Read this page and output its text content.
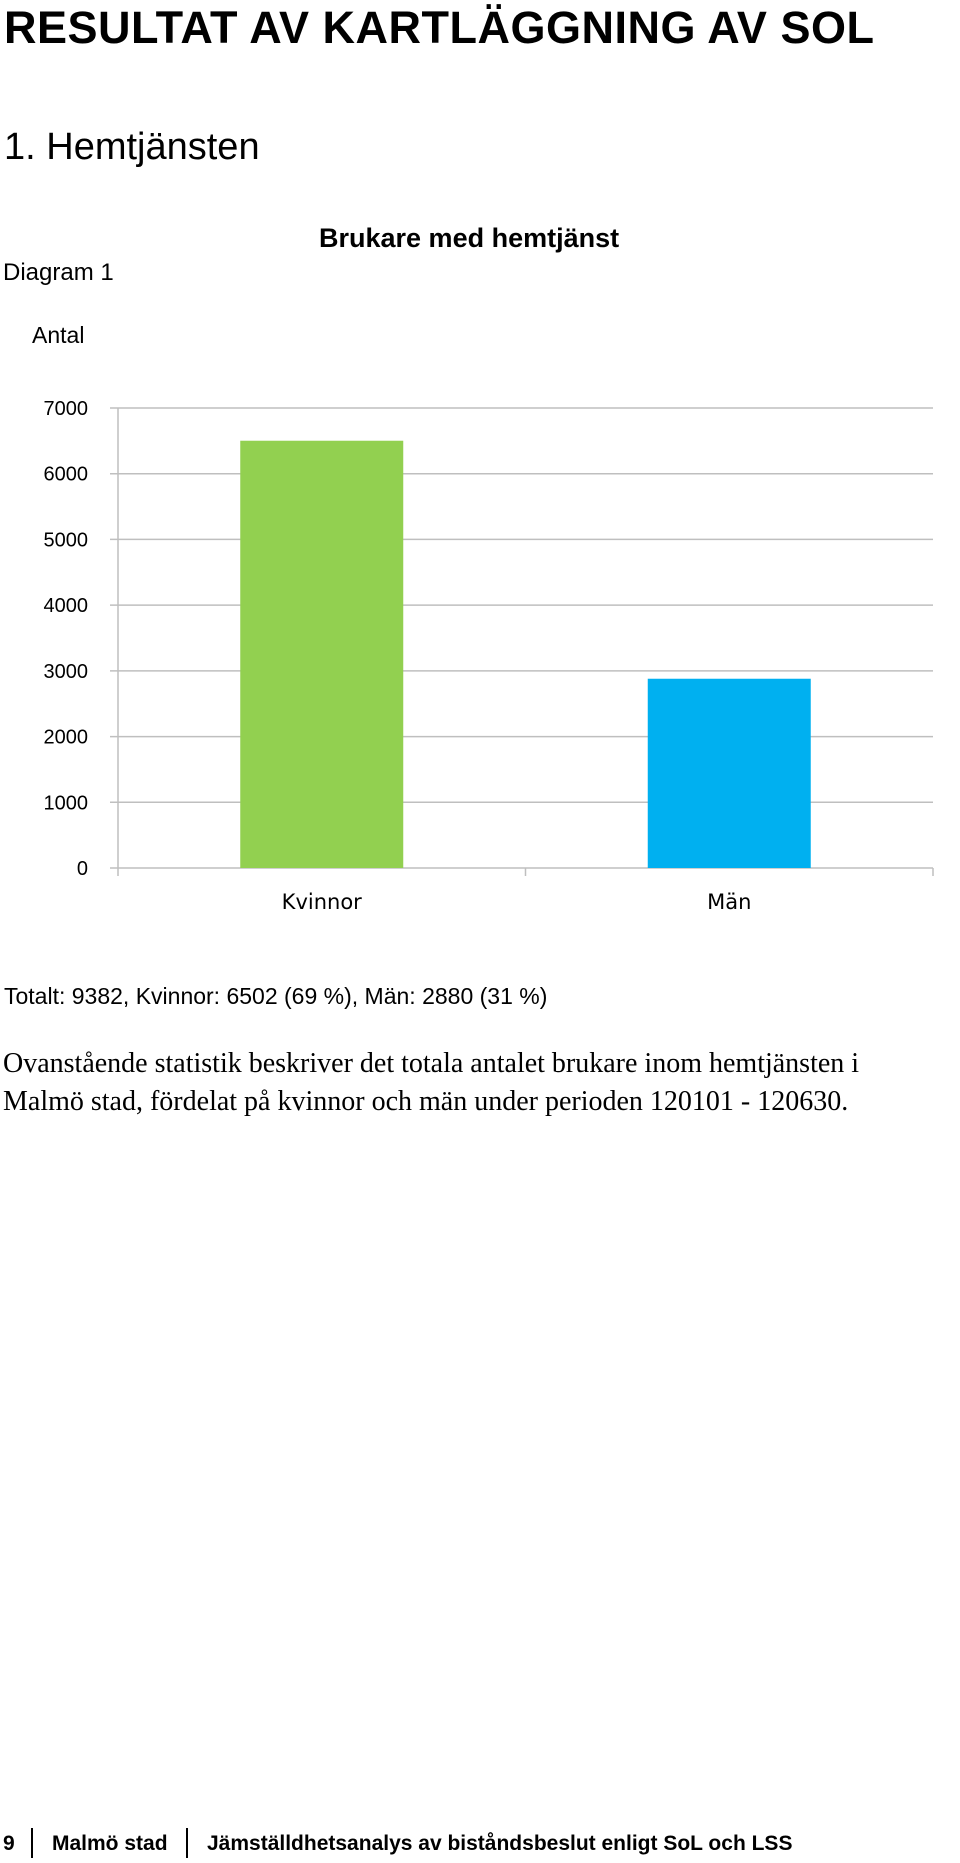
RESULTAT AV KARTLÄGGNING AV SOL
1. Hemtjänsten
Diagram 1
Brukare med hemtjänst
Antal
0
1000
2000
3000
4000
5000
6000
7000
Kvinnor	Män
Totalt: 9382, Kvinnor: 6502 (69 %), Män: 2880 (31 %)
Ovanstående statistik beskriver det totala antalet brukare inom hemtjänsten i
Malmö stad, fördelat på kvinnor och män under perioden 120101 - 120630.
9 Malmö stad Jämställdhetsanalys av biståndsbeslut enligt SoL och LSS
